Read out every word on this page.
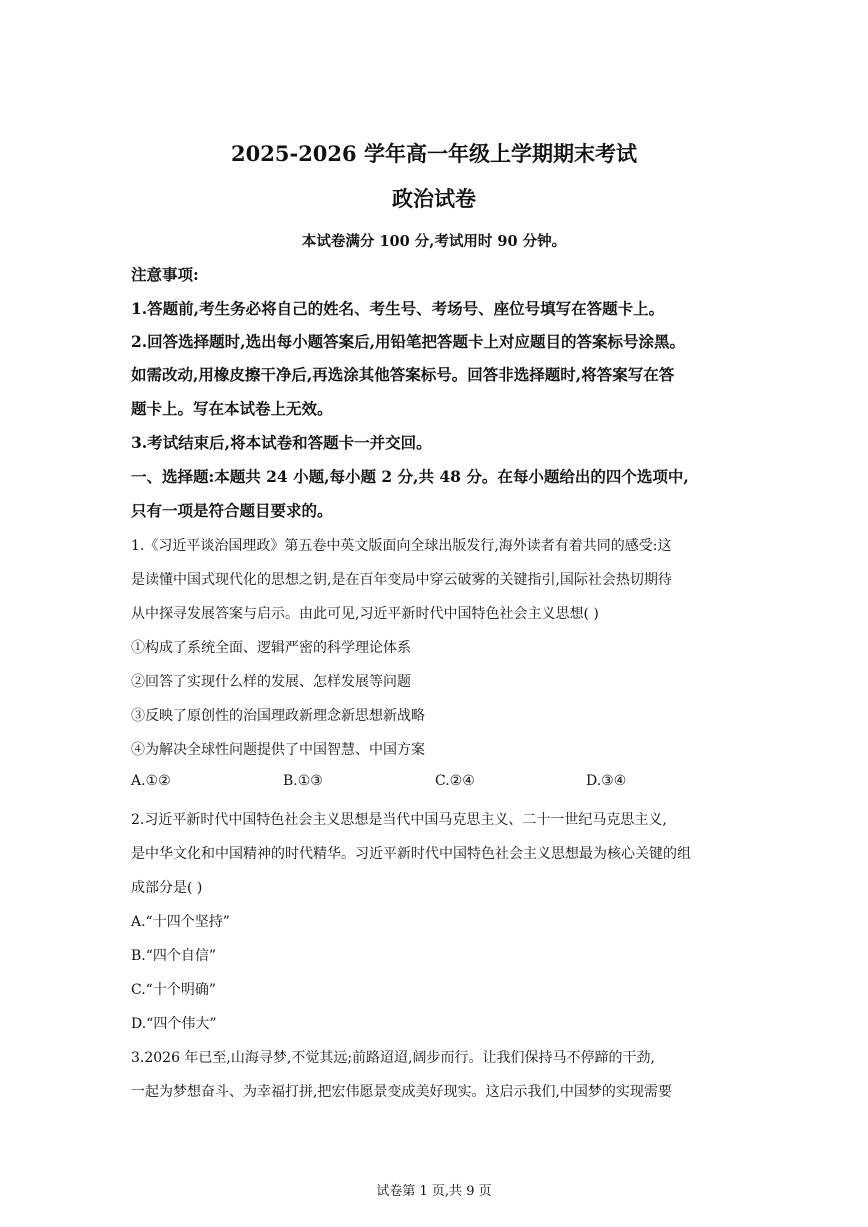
2025-2026 学年高一年级上学期期末考试
政治试卷
本试卷满分 100 分,考试用时 90 分钟。
注意事项:
1.答题前,考生务必将自己的姓名、考生号、考场号、座位号填写在答题卡上。
2.回答选择题时,选出每小题答案后,用铅笔把答题卡上对应题目的答案标号涂黑。
如需改动,用橡皮擦干净后,再选涂其他答案标号。回答非选择题时,将答案写在答
题卡上。写在本试卷上无效。
3.考试结束后,将本试卷和答题卡一并交回。
一、选择题:本题共 24 小题,每小题 2 分,共 48 分。在每小题给出的四个选项中,
只有一项是符合题目要求的。
1.《习近平谈治国理政》第五卷中英文版面向全球出版发行,海外读者有着共同的感受:这
是读懂中国式现代化的思想之钥,是在百年变局中穿云破雾的关键指引,国际社会热切期待
从中探寻发展答案与启示。由此可见,习近平新时代中国特色社会主义思想( )
①构成了系统全面、逻辑严密的科学理论体系
②回答了实现什么样的发展、怎样发展等问题
③反映了原创性的治国理政新理念新思想新战略
④为解决全球性问题提供了中国智慧、中国方案
A.①②	B.①③	C.②④	D.③④
2.习近平新时代中国特色社会主义思想是当代中国马克思主义、二十一世纪马克思主义,
是中华文化和中国精神的时代精华。习近平新时代中国特色社会主义思想最为核心关键的组
成部分是( )
A.“十四个坚持”
B.“四个自信”
C.“十个明确”
D.“四个伟大”
3.2026 年已至,山海寻梦,不觉其远;前路迢迢,阔步而行。让我们保持马不停蹄的干劲,
一起为梦想奋斗、为幸福打拼,把宏伟愿景变成美好现实。这启示我们,中国梦的实现需要
试卷第 1 页,共 9 页
